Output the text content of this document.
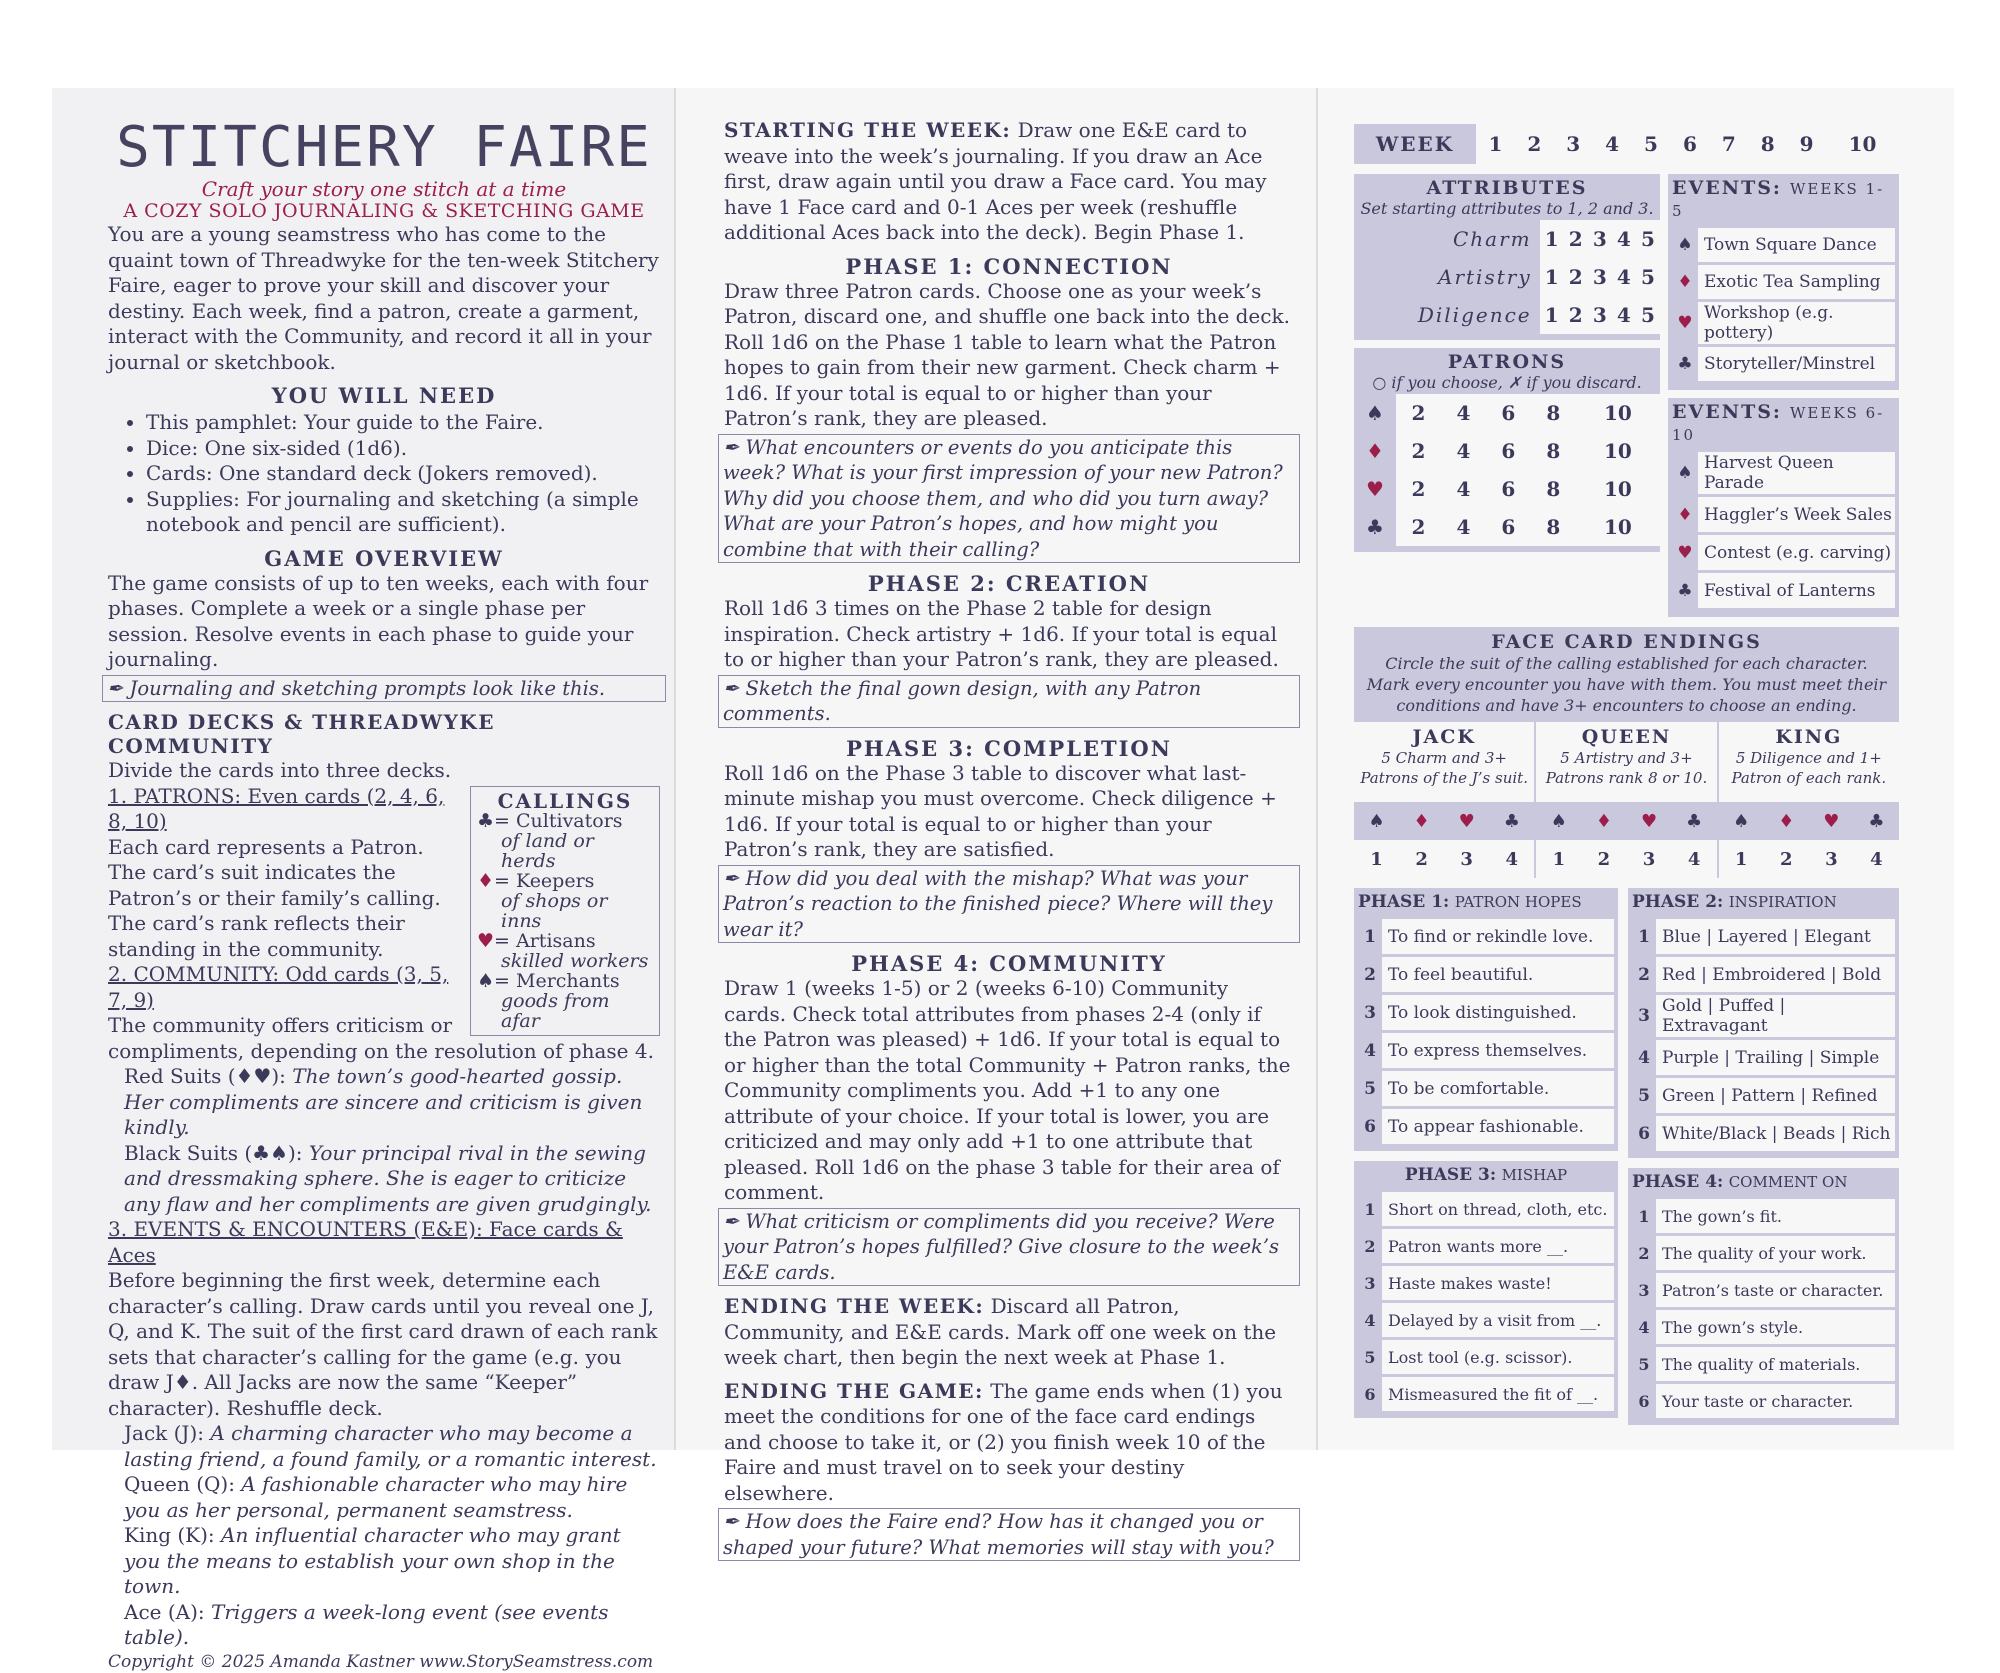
STITCHERY FAIRE

Craft your story one stitch at a time

A COZY SOLO JOURNALING & SKETCHING GAME

You are a young seamstress who has come to the quaint town of Threadwyke for the ten-week Stitchery Faire, eager to prove your skill and discover your destiny. Each week, find a patron, create a garment, interact with the Community, and record it all in your journal or sketchbook.

YOU WILL NEED
• This pamphlet: Your guide to the Faire.
• Dice: One six-sided (1d6).
• Cards: One standard deck (Jokers removed).
• Supplies: For journaling and sketching (a simple notebook and pencil are sufficient).
GAME OVERVIEW

The game consists of up to ten weeks, each with four phases. Complete a week or a single phase per session. Resolve events in each phase to guide your journaling.

✒ Journaling and sketching prompts look like this.

CARD DECKS & THREADWYKE COMMUNITY

Divide the cards into three decks.

CALLINGS
♣= Cultivators
of land or herds
♦= Keepers
of shops or inns
♥= Artisans
skilled workers
♠= Merchants
goods from afar

1. PATRONS: Even cards (2, 4, 6, 8, 10)

Each card represents a Patron. The card’s suit indicates the Patron’s or their family’s calling. The card’s rank reflects their standing in the community.

2. COMMUNITY: Odd cards (3, 5, 7, 9)

The community offers criticism or compliments, depending on the resolution of phase 4.

Red Suits (♦♥): The town’s good-hearted gossip. Her compliments are sincere and criticism is given kindly.

Black Suits (♣♠): Your principal rival in the sewing and dressmaking sphere. She is eager to criticize any flaw and her compliments are given grudgingly.

3. EVENTS & ENCOUNTERS (E&E): Face cards & Aces

Before beginning the first week, determine each character’s calling. Draw cards until you reveal one J, Q, and K. The suit of the first card drawn of each rank sets that character’s calling for the game (e.g. you draw J♦. All Jacks are now the same “Keeper” character). Reshuffle deck.

Jack (J): A charming character who may become a lasting friend, a found family, or a romantic interest.

Queen (Q): A fashionable character who may hire you as her personal, permanent seamstress.

King (K): An influential character who may grant you the means to establish your own shop in the town.

Ace (A): Triggers a week-long event (see events table).

Copyright © 2025 Amanda Kastner www.StorySeamstress.com

STARTING THE WEEK: Draw one E&E card to weave into the week’s journaling. If you draw an Ace first, draw again until you draw a Face card. You may have 1 Face card and 0-1 Aces per week (reshuffle additional Aces back into the deck). Begin Phase 1.

PHASE 1: CONNECTION

Draw three Patron cards. Choose one as your week’s Patron, discard one, and shuffle one back into the deck. Roll 1d6 on the Phase 1 table to learn what the Patron hopes to gain from their new garment. Check charm + 1d6. If your total is equal to or higher than your Patron’s rank, they are pleased.

✒ What encounters or events do you anticipate this week? What is your first impression of your new Patron? Why did you choose them, and who did you turn away? What are your Patron’s hopes, and how might you combine that with their calling?

PHASE 2: CREATION

Roll 1d6 3 times on the Phase 2 table for design inspiration. Check artistry + 1d6. If your total is equal to or higher than your Patron’s rank, they are pleased.

✒ Sketch the final gown design, with any Patron comments.

PHASE 3: COMPLETION

Roll 1d6 on the Phase 3 table to discover what last-minute mishap you must overcome. Check diligence + 1d6. If your total is equal to or higher than your Patron’s rank, they are satisfied.

✒ How did you deal with the mishap? What was your Patron’s reaction to the finished piece? Where will they wear it?

PHASE 4: COMMUNITY

Draw 1 (weeks 1-5) or 2 (weeks 6-10) Community cards. Check total attributes from phases 2-4 (only if the Patron was pleased) + 1d6. If your total is equal to or higher than the total Community + Patron ranks, the Community compliments you. Add +1 to any one attribute of your choice. If your total is lower, you are criticized and may only add +1 to one attribute that pleased. Roll 1d6 on the phase 3 table for their area of comment.

✒ What criticism or compliments did you receive? Were your Patron’s hopes fulfilled? Give closure to the week’s E&E cards.

ENDING THE WEEK: Discard all Patron, Community, and E&E cards. Mark off one week on the week chart, then begin the next week at Phase 1.

ENDING THE GAME: The game ends when (1) you meet the conditions for one of the face card endings and choose to take it, or (2) you finish week 10 of the Faire and must travel on to seek your destiny elsewhere.

✒ How does the Faire end? How has it changed you or shaped your future? What memories will stay with you?

WEEK	1	2	3	4	5	6	7	8	9	10
ATTRIBUTES
Set starting attributes to 1, 2 and 3.
Charm	1	2	3	4	5
Artistry	1	2	3	4	5
Diligence	1	2	3	4	5
PATRONS
○ if you choose, ✗ if you discard.
♠	2	4	6	8	10
♦	2	4	6	8	10
♥	2	4	6	8	10
♣	2	4	6	8	10
EVENTS: WEEKS 1-5
♠	Town Square Dance
♦	Exotic Tea Sampling
♥	Workshop (e.g. pottery)
♣	Storyteller/Minstrel
EVENTS: WEEKS 6-10
♠	Harvest Queen Parade
♦	Haggler’s Week Sales
♥	Contest (e.g. carving)
♣	Festival of Lanterns
FACE CARD ENDINGS
Circle the suit of the calling established for each character. Mark every encounter you have with them. You must meet their conditions and have 3+ encounters to choose an ending.
JACK
5 Charm and 3+ Patrons of the J’s suit.
♠ ♦ ♥ ♣
1 2 3 4
QUEEN
5 Artistry and 3+ Patrons rank 8 or 10.
♠ ♦ ♥ ♣
1 2 3 4
KING
5 Diligence and 1+ Patron of each rank.
♠ ♦ ♥ ♣
1 2 3 4
PHASE 1: PATRON HOPES
1	To find or rekindle love.
2	To feel beautiful.
3	To look distinguished.
4	To express themselves.
5	To be comfortable.
6	To appear fashionable.
PHASE 3: MISHAP
1	Short on thread, cloth, etc.
2	Patron wants more __.
3	Haste makes waste!
4	Delayed by a visit from __.
5	Lost tool (e.g. scissor).
6	Mismeasured the fit of __.
PHASE 2: INSPIRATION
1	Blue | Layered | Elegant
2	Red | Embroidered | Bold
3	Gold | Puffed | Extravagant
4	Purple | Trailing | Simple
5	Green | Pattern | Refined
6	White/Black | Beads | Rich
PHASE 4: COMMENT ON
1	The gown’s fit.
2	The quality of your work.
3	Patron’s taste or character.
4	The gown’s style.
5	The quality of materials.
6	Your taste or character.
